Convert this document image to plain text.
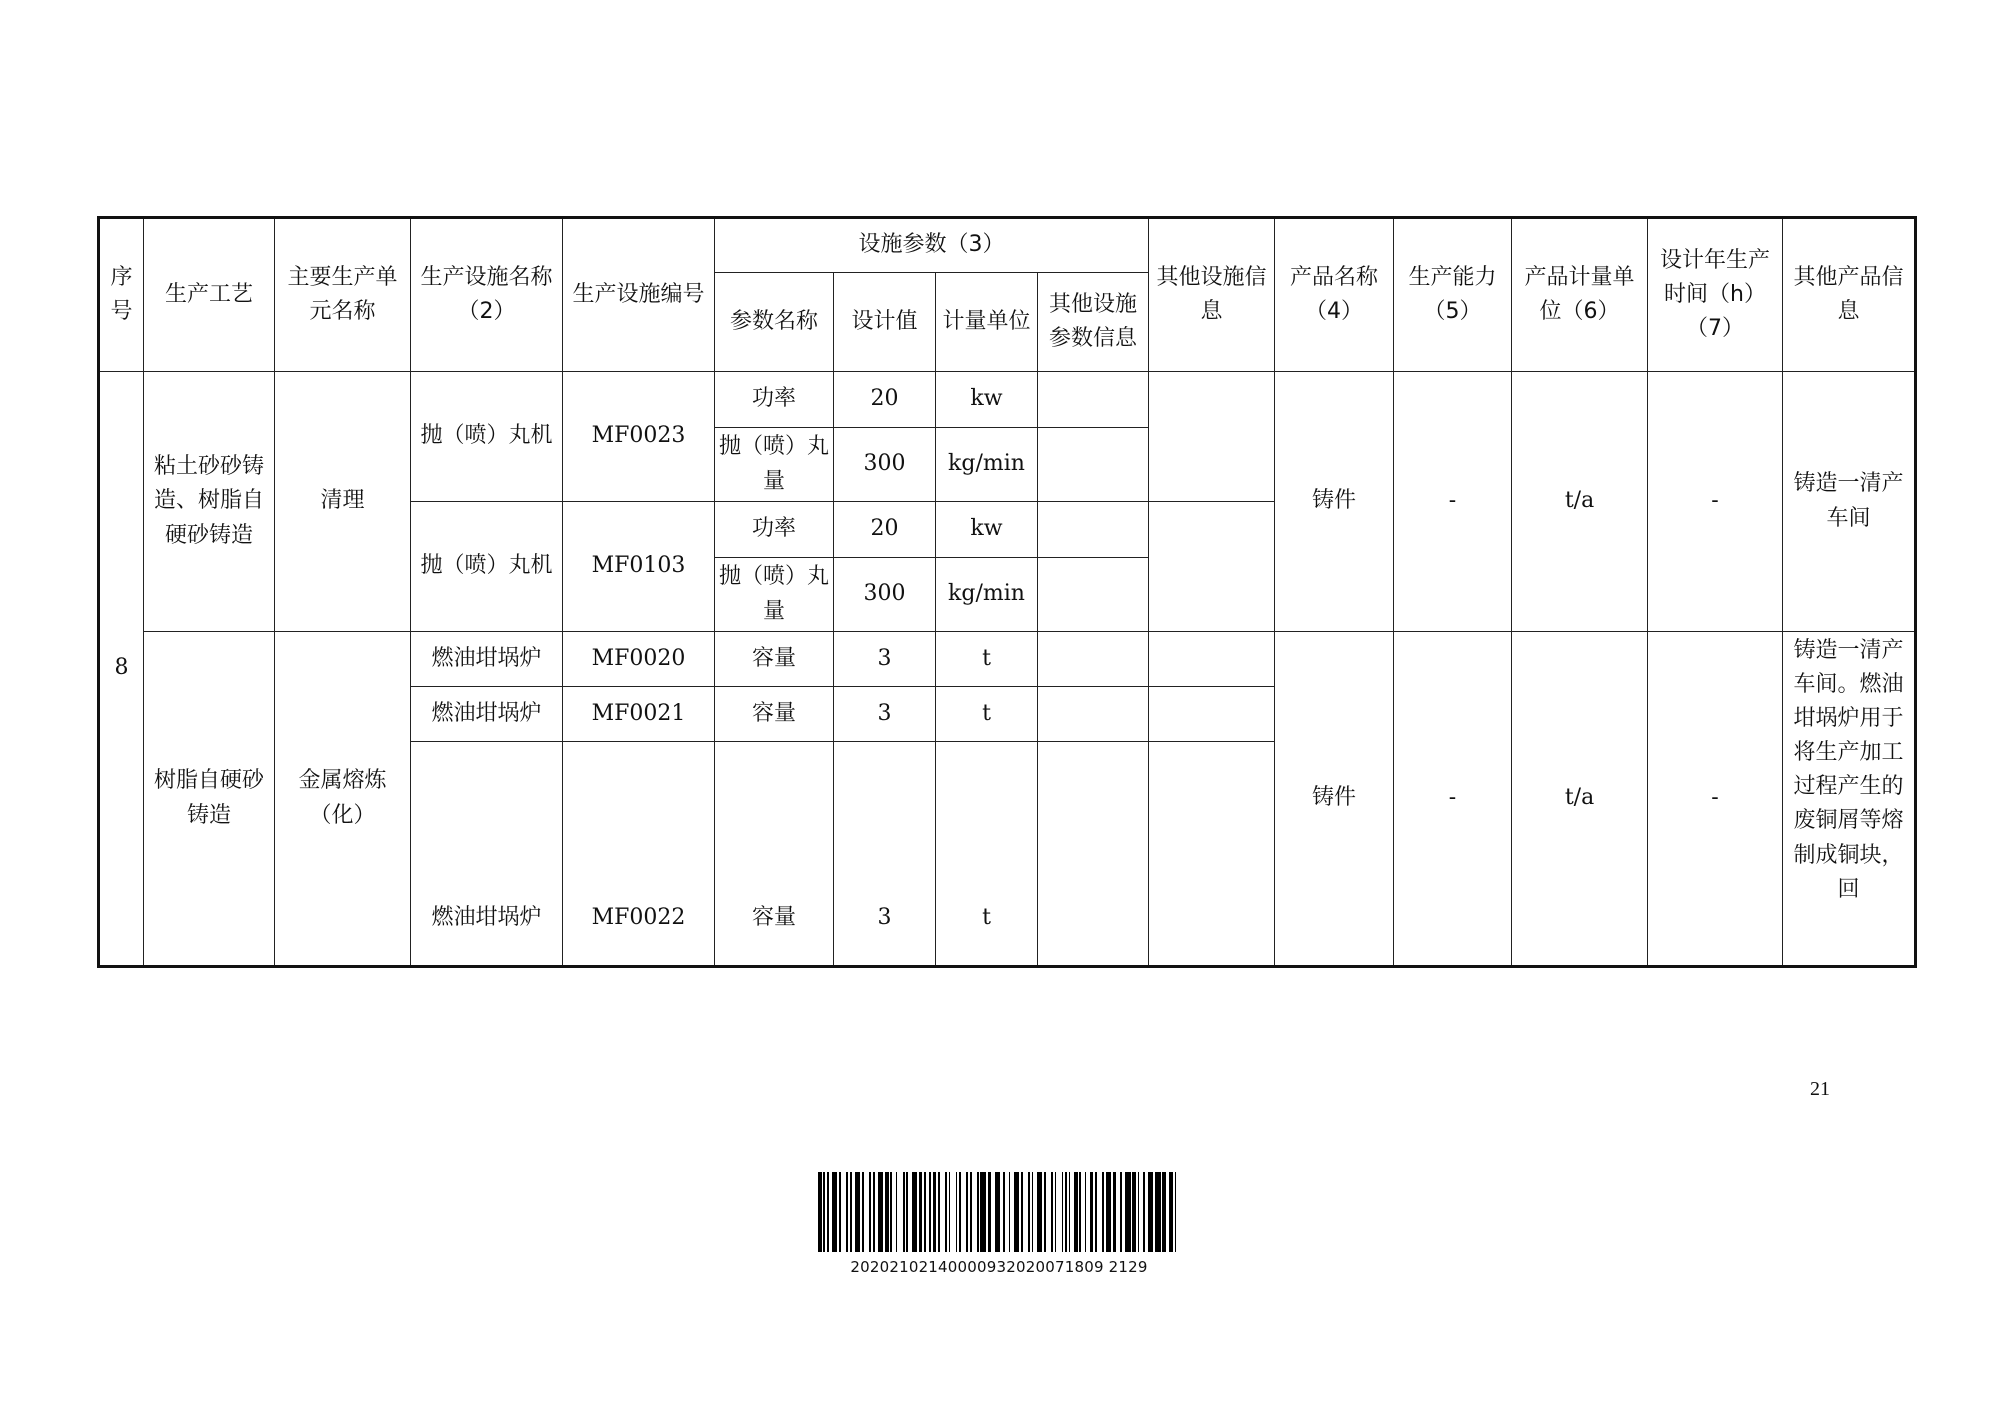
序号	生产工艺	主要生产单元名称	生产设施名称（2）	生产设施编号	设施参数（3）				其他设施信息	产品名称（4）	生产能力（5）	产品计量单位（6）	设计年生产时间（h）（7）	其他产品信息
					参数名称	设计值	计量单位	其他设施参数信息						
8	粘土砂砂铸造、树脂自硬砂铸造	清理	抛（喷）丸机	MF0023	功率	20	kw			铸件	-	t/a	-	铸造一清产车间
					抛（喷）丸量	300	kg/min							
			抛（喷）丸机	MF0103	功率	20	kw							
					抛（喷）丸量	300	kg/min							
	树脂自硬砂铸造	金属熔炼（化）	燃油坩埚炉	MF0020	容量	3	t			铸件	-	t/a	-	铸造一清产车间。燃油坩埚炉用于将生产加工过程产生的废铜屑等熔制成铜块，回
			燃油坩埚炉	MF0021	容量	3	t							
			燃油坩埚炉	MF0022	容量	3	t							
21
20202102140000932020071809 2129
